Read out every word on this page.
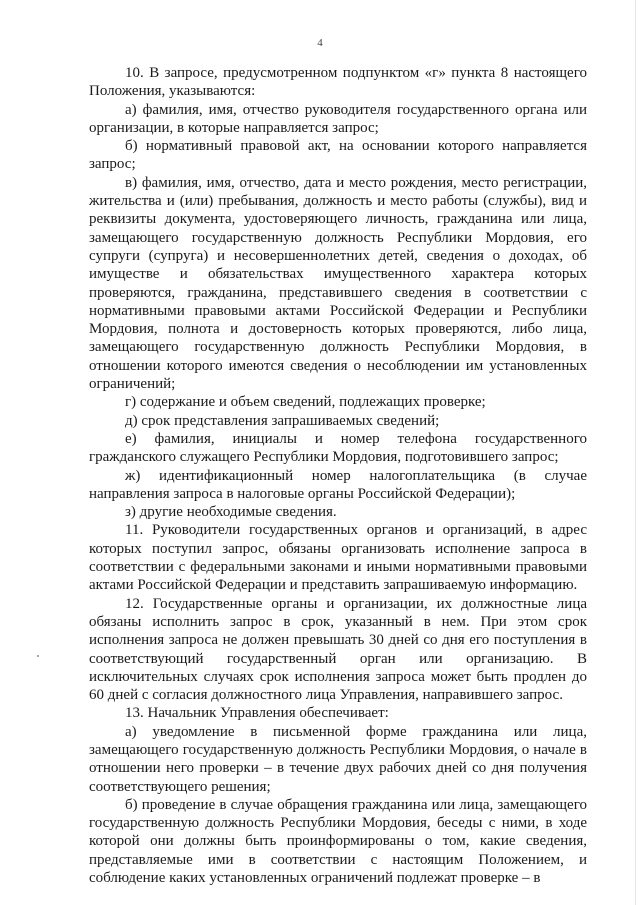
4

10. В запросе, предусмотренном подпунктом «г» пункта 8 настоящего Положения, указываются:

а) фамилия, имя, отчество руководителя государственного органа или организации, в которые направляется запрос;

б) нормативный правовой акт, на основании которого направляется запрос;

в) фамилия, имя, отчество, дата и место рождения, место регистрации, жительства и (или) пребывания, должность и место работы (службы), вид и реквизиты документа, удостоверяющего личность, гражданина или лица, замещающего государственную должность Республики Мордовия, его супруги (супруга) и несовершеннолетних детей, сведения о доходах, об имуществе и обязательствах имущественного характера которых проверяются, гражданина, представившего сведения в соответствии с нормативными правовыми актами Российской Федерации и Республики Мордовия, полнота и достоверность которых проверяются, либо лица, замещающего государственную должность Республики Мордовия, в отношении которого имеются сведения о несоблюдении им установленных ограничений;

г) содержание и объем сведений, подлежащих проверке;

д) срок представления запрашиваемых сведений;

е) фамилия, инициалы и номер телефона государственного гражданского служащего Республики Мордовия, подготовившего запрос;

ж) идентификационный номер налогоплательщика (в случае направления запроса в налоговые органы Российской Федерации);

з) другие необходимые сведения.

11. Руководители государственных органов и организаций, в адрес которых поступил запрос, обязаны организовать исполнение запроса в соответствии с федеральными законами и иными нормативными правовыми актами Российской Федерации и представить запрашиваемую информацию.

12. Государственные органы и организации, их должностные лица обязаны исполнить запрос в срок, указанный в нем. При этом срок исполнения запроса не должен превышать 30 дней со дня его поступления в соответствующий государственный орган или организацию. В исключительных случаях срок исполнения запроса может быть продлен до 60 дней с согласия должностного лица Управления, направившего запрос.

13. Начальник Управления обеспечивает:

а) уведомление в письменной форме гражданина или лица, замещающего государственную должность Республики Мордовия, о начале в отношении него проверки – в течение двух рабочих дней со дня получения соответствующего решения;

б) проведение в случае обращения гражданина или лица, замещающего государственную должность Республики Мордовия, беседы с ними, в ходе которой они должны быть проинформированы о том, какие сведения, представляемые ими в соответствии с настоящим Положением, и соблюдение каких установленных ограничений подлежат проверке – в
